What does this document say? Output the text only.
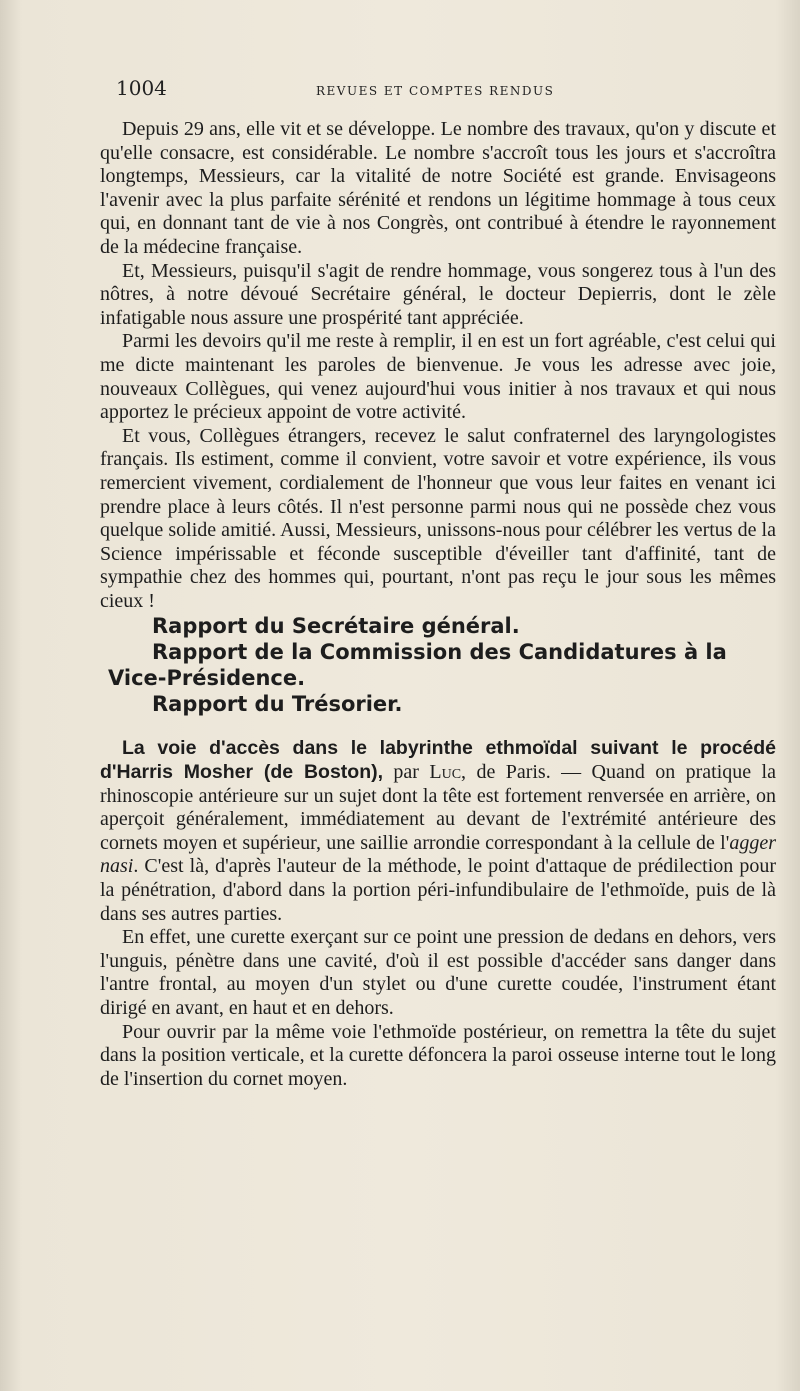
1004	REVUES ET COMPTES RENDUS

Depuis 29 ans, elle vit et se développe. Le nombre des travaux, qu'on y discute et qu'elle consacre, est considérable. Le nombre s'accroît tous les jours et s'accroîtra longtemps, Messieurs, car la vitalité de notre Société est grande. Envisageons l'avenir avec la plus parfaite sérénité et rendons un légitime hommage à tous ceux qui, en donnant tant de vie à nos Congrès, ont contribué à étendre le rayonnement de la médecine française.

Et, Messieurs, puisqu'il s'agit de rendre hommage, vous songerez tous à l'un des nôtres, à notre dévoué Secrétaire général, le docteur Depierris, dont le zèle infatigable nous assure une prospérité tant appréciée.

Parmi les devoirs qu'il me reste à remplir, il en est un fort agréable, c'est celui qui me dicte maintenant les paroles de bienvenue. Je vous les adresse avec joie, nouveaux Collègues, qui venez aujourd'hui vous initier à nos travaux et qui nous apportez le précieux appoint de votre activité.

Et vous, Collègues étrangers, recevez le salut confraternel des laryngologistes français. Ils estiment, comme il convient, votre savoir et votre expérience, ils vous remercient vivement, cordialement de l'honneur que vous leur faites en venant ici prendre place à leurs côtés. Il n'est personne parmi nous qui ne possède chez vous quelque solide amitié. Aussi, Messieurs, unissons-nous pour célébrer les vertus de la Science impérissable et féconde susceptible d'éveiller tant d'affinité, tant de sympathie chez des hommes qui, pourtant, n'ont pas reçu le jour sous les mêmes cieux !

Rapport du Secrétaire général.

Rapport de la Commission des Candidatures à la
Vice-Présidence.

Rapport du Trésorier.

La voie d'accès dans le labyrinthe ethmoïdal suivant le procédé d'Harris Mosher (de Boston), par Luc, de Paris. — Quand on pratique la rhinoscopie antérieure sur un sujet dont la tête est fortement renversée en arrière, on aperçoit généralement, immédiatement au devant de l'extrémité antérieure des cornets moyen et supérieur, une saillie arrondie correspondant à la cellule de l'agger nasi. C'est là, d'après l'auteur de la méthode, le point d'attaque de prédilection pour la pénétration, d'abord dans la portion péri-infundibulaire de l'ethmoïde, puis de là dans ses autres parties.

En effet, une curette exerçant sur ce point une pression de dedans en dehors, vers l'unguis, pénètre dans une cavité, d'où il est possible d'accéder sans danger dans l'antre frontal, au moyen d'un stylet ou d'une curette coudée, l'instrument étant dirigé en avant, en haut et en dehors.

Pour ouvrir par la même voie l'ethmoïde postérieur, on remettra la tête du sujet dans la position verticale, et la curette défoncera la paroi osseuse interne tout le long de l'insertion du cornet moyen.
